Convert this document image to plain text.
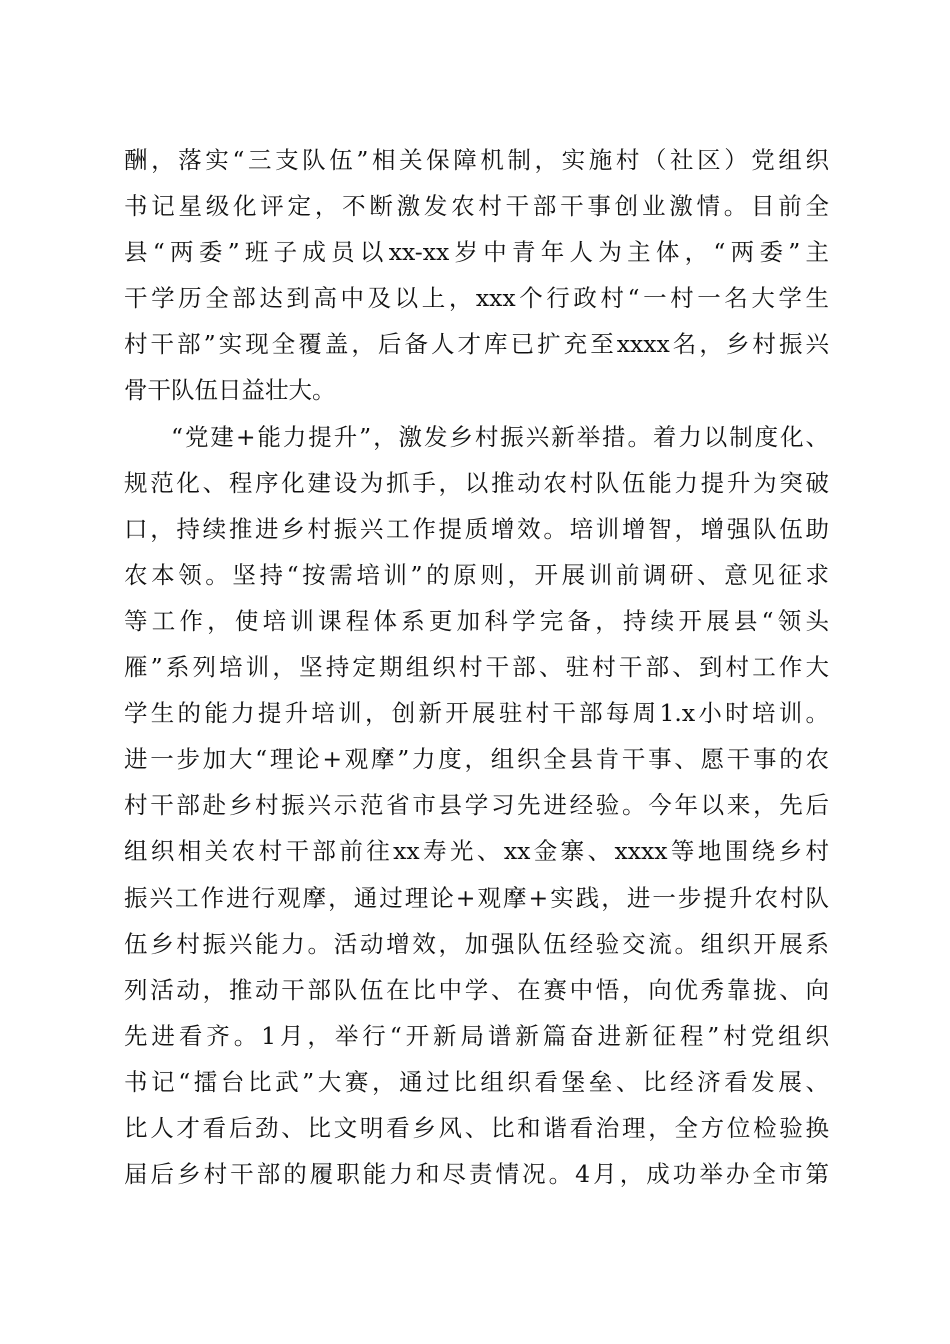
酬，落实“三支队伍”相关保障机制，实施村（社区）党组织
书记星级化评定，不断激发农村干部干事创业激情。目前全
县“两委”班子成员以xx-xx岁中青年人为主体，“两委”主
干学历全部达到高中及以上，xxx个行政村“一村一名大学生
村干部”实现全覆盖，后备人才库已扩充至xxxx名，乡村振兴
骨干队伍日益壮大。
“党建+能力提升”，激发乡村振兴新举措。着力以制度化、
规范化、程序化建设为抓手，以推动农村队伍能力提升为突破
口，持续推进乡村振兴工作提质增效。培训增智，增强队伍助
农本领。坚持“按需培训”的原则，开展训前调研、意见征求
等工作，使培训课程体系更加科学完备，持续开展县“领头
雁”系列培训，坚持定期组织村干部、驻村干部、到村工作大
学生的能力提升培训，创新开展驻村干部每周1.x小时培训。
进一步加大“理论+观摩”力度，组织全县肯干事、愿干事的农
村干部赴乡村振兴示范省市县学习先进经验。今年以来，先后
组织相关农村干部前往xx寿光、xx金寨、xxxx等地围绕乡村
振兴工作进行观摩，通过理论+观摩+实践，进一步提升农村队
伍乡村振兴能力。活动增效，加强队伍经验交流。组织开展系
列活动，推动干部队伍在比中学、在赛中悟，向优秀靠拢、向
先进看齐。1月，举行“开新局谱新篇奋进新征程”村党组织
书记“擂台比武”大赛，通过比组织看堡垒、比经济看发展、
比人才看后劲、比文明看乡风、比和谐看治理，全方位检验换
届后乡村干部的履职能力和尽责情况。4月，成功举办全市第
